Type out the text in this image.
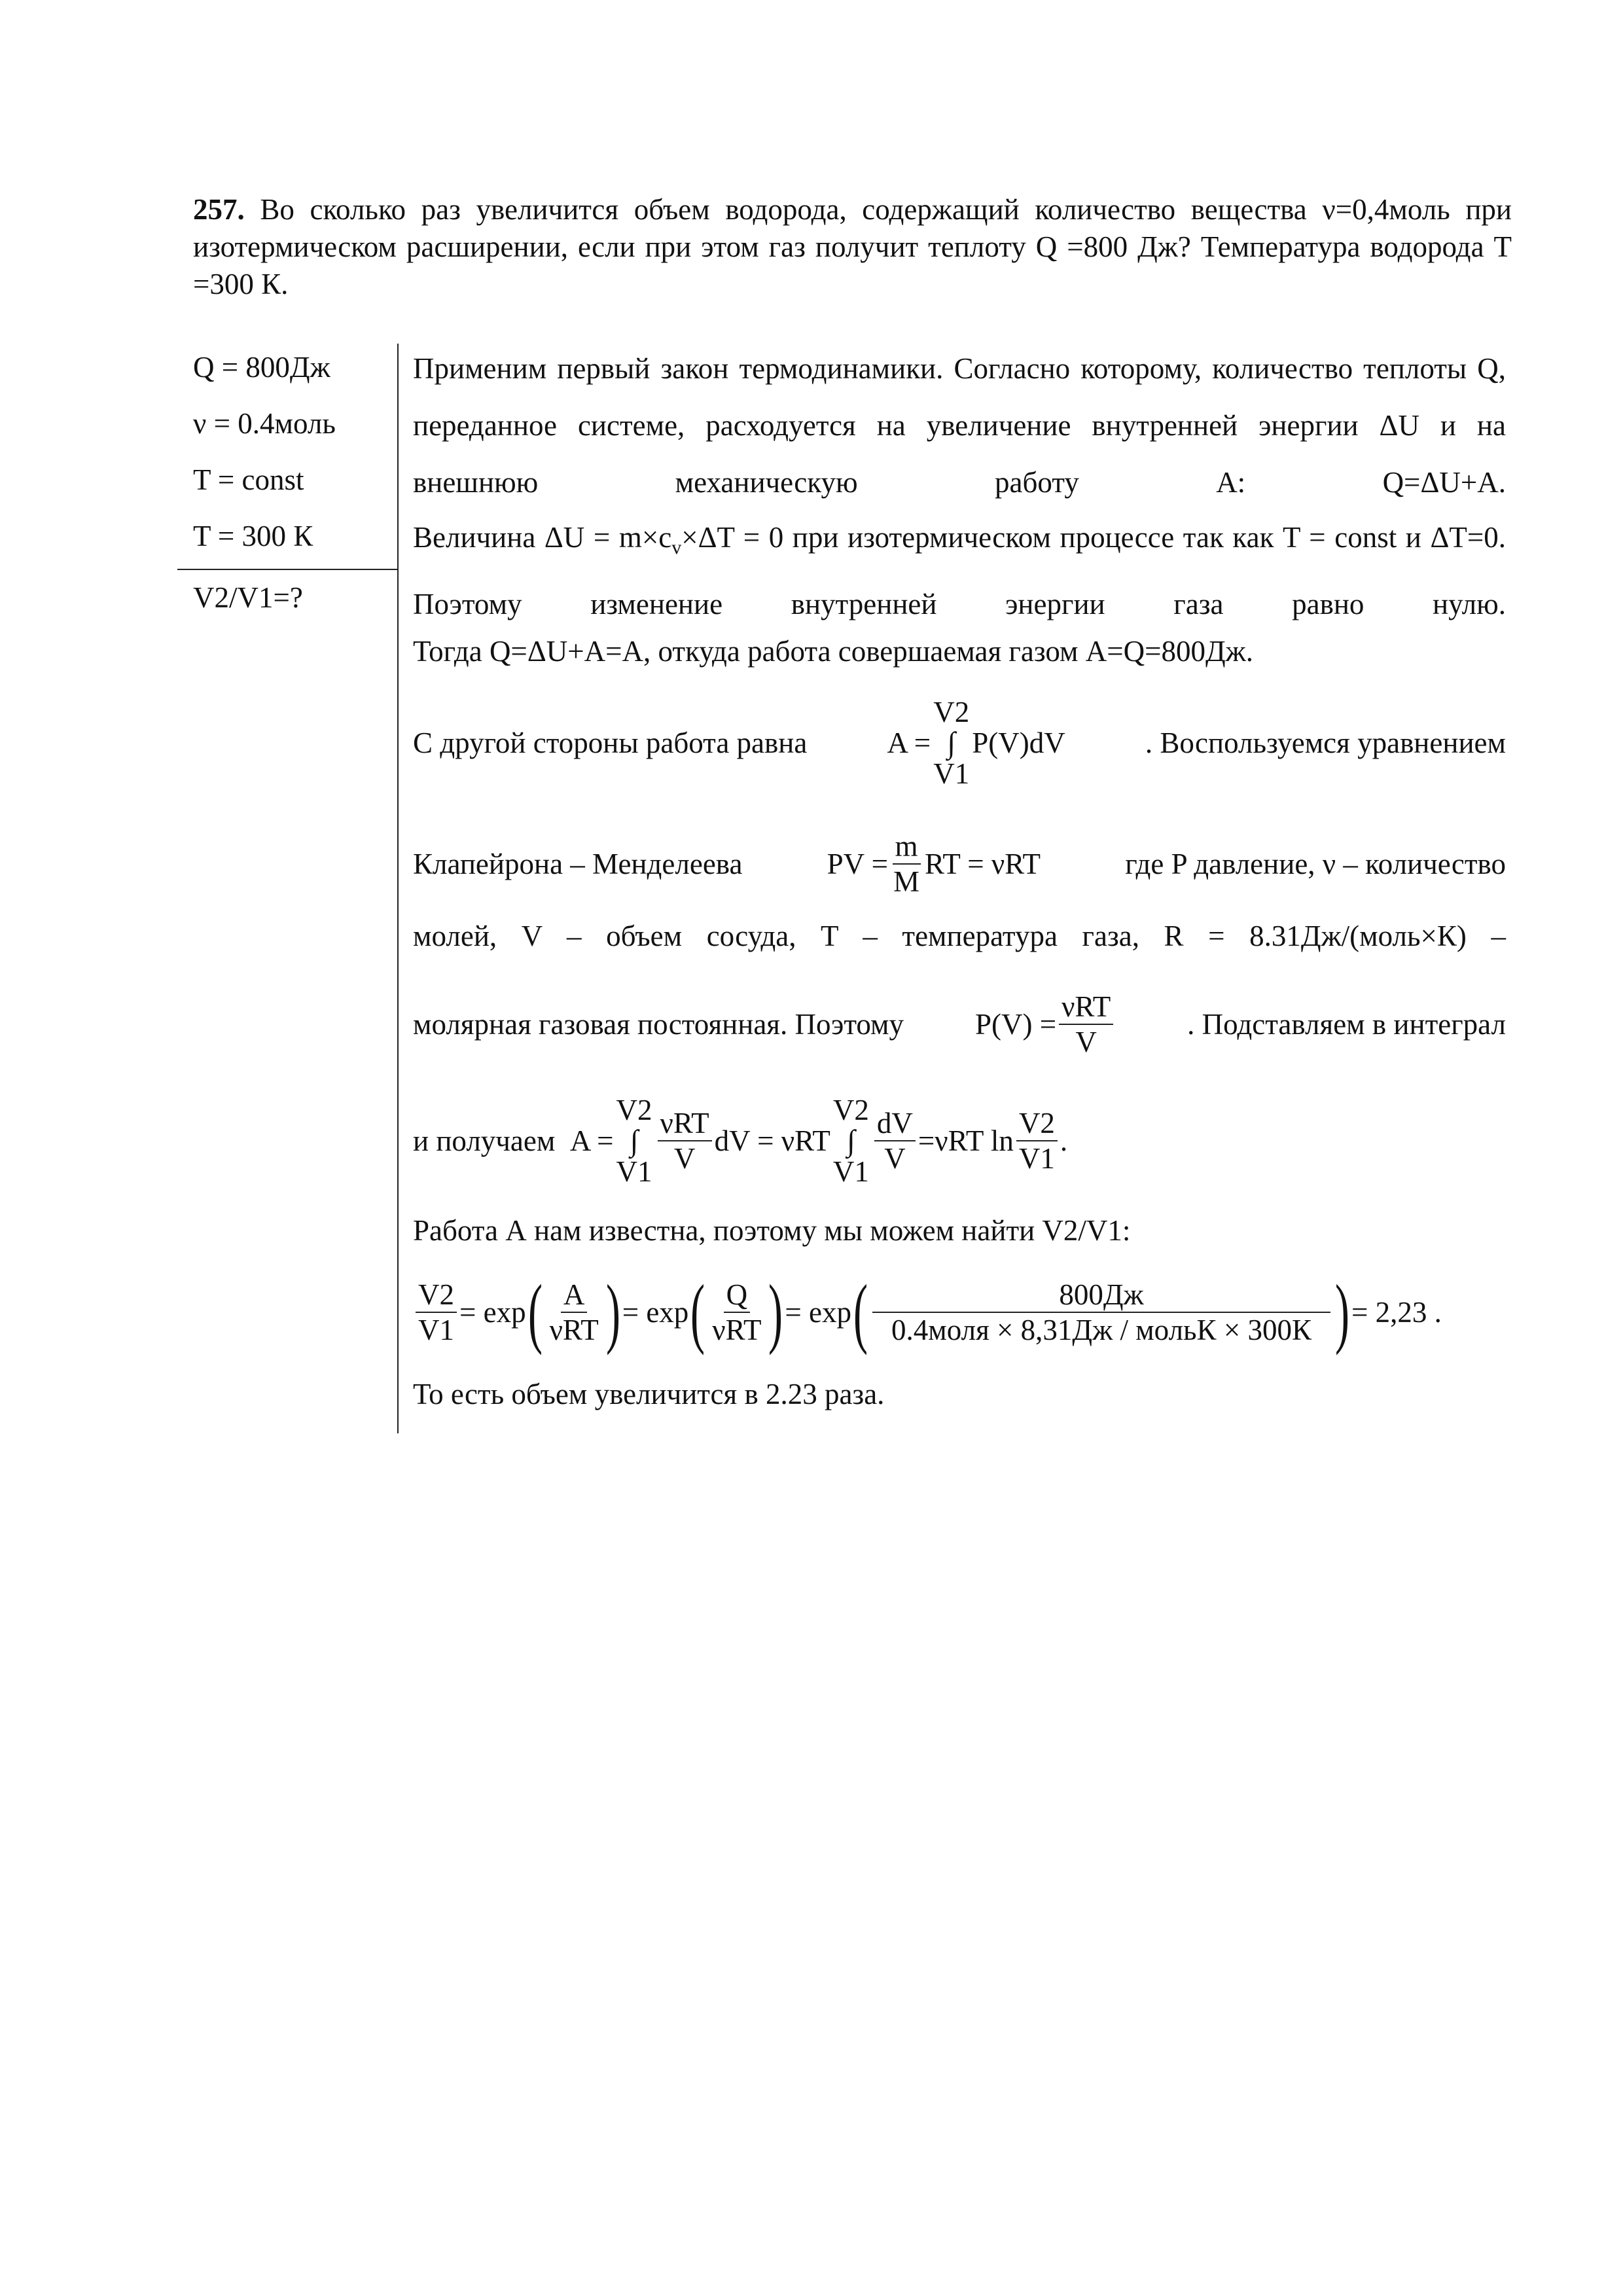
257. Во сколько раз увеличится объем водорода, содержащий количество вещества ν=0,4моль при изотермическом расширении, если при этом газ получит теплоту Q =800 Дж? Температура водорода T =300 К.
Q = 800Дж
ν = 0.4моль
T = const
T = 300 К
V2/V1=?
Применим первый закон термодинамики. Согласно которому, количество теплоты Q, переданное системе, расходуется на увеличение внутренней энергии ΔU и на внешнюю механическую работу А: Q=ΔU+A.
Величина $\Delta U = m\times c_v\times\Delta T = 0$ при изотермическом процессе так как T = const и ΔT=0. Поэтому изменение внутренней энергии газа равно нулю.
Тогда Q=ΔU+A=A, откуда работа совершаемая газом A=Q=800Дж.
С другой стороны работа равна	A =
V2
∫
V1
P(V)dV	. Воспользуемся уравнением
Клапейрона – Менделеева	PV = $\frac{m}{M}$ RT = νRT	где P давление, ν – количество
молей, V – объем сосуда, T – температура газа, R = 8.31Дж/(моль×К) –
молярная газовая постоянная. Поэтому $P(V) = \frac{\text{νRT}}{V}$	. Подставляем в интеграл
и получаем
A =
V2
∫
$V1 \frac{\text{νRT}}{V}$ dV = νRT
V2
∫
$V1 \frac{dV}{V} =\nu RT$ $\ln \frac{V2}{V1}$ .
Работа А нам известна, поэтому мы можем найти V2/V1:
$\frac{V2}{V1} = \exp$ ( $\frac{A}{\text{νRT}}$ ) = exp ( $\frac{Q}{\text{νRT}}$ ) = exp ( $\frac{800Дж}{\text{0.4моля × 8,31Дж / мольК × 300К}}$ ) = 2,23 .
То есть объем увеличится в 2.23 раза.
